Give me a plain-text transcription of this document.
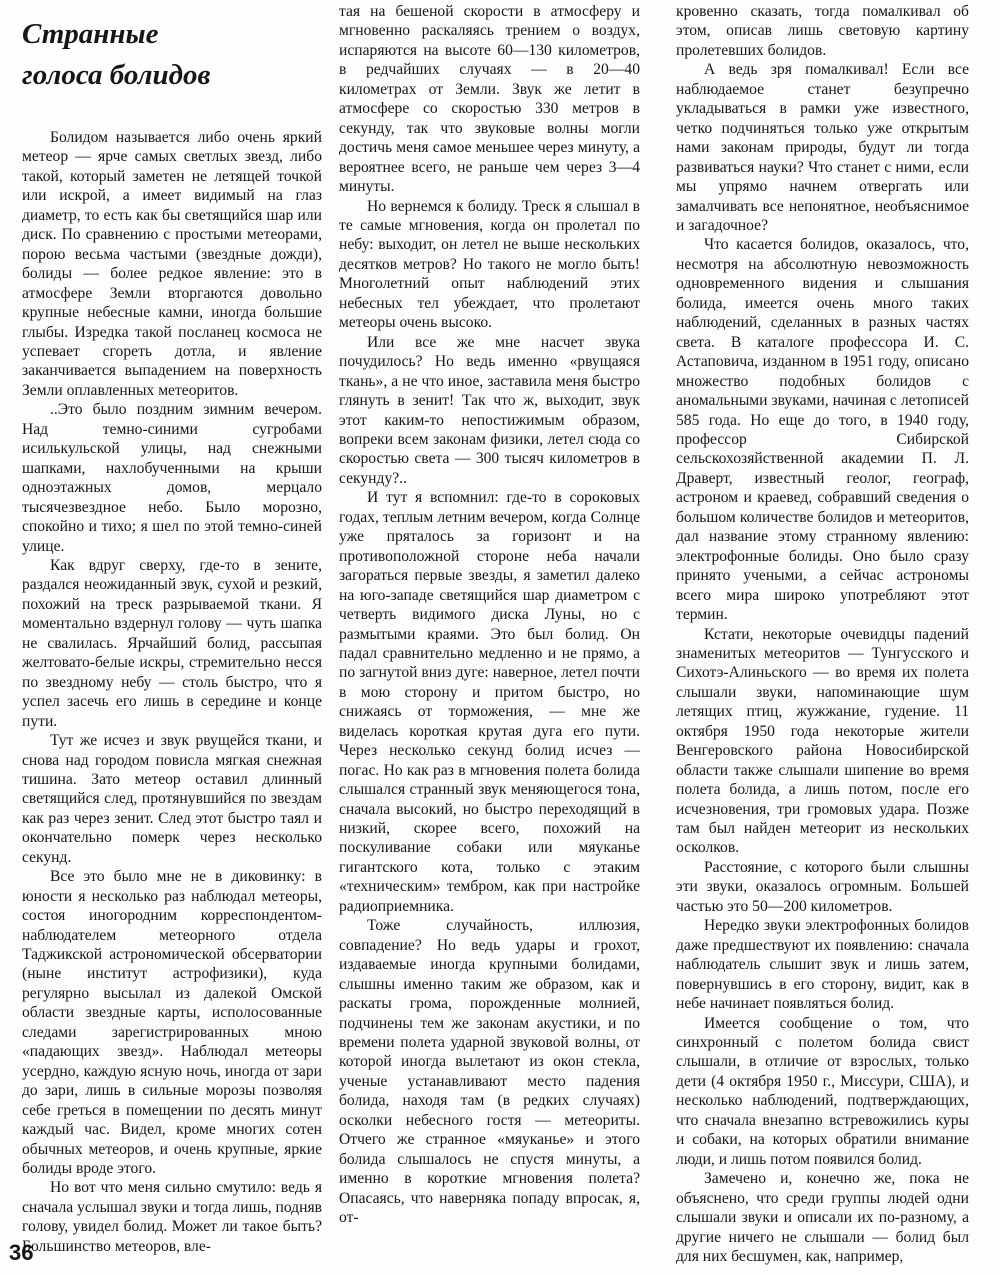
Странные
голоса болидов

Болидом называется либо очень яркий метеор — ярче самых светлых звезд, либо такой, который заметен не летящей точкой или искрой, а имеет видимый на глаз диаметр, то есть как бы светящийся шар или диск. По сравнению с простыми метеорами, порою весьма частыми (звездные дожди), болиды — более редкое явление: это в атмосфере Земли вторгаются довольно крупные небесные камни, иногда большие глыбы. Изредка такой посланец космоса не успевает сгореть дотла, и явление заканчивается выпадением на поверхность Земли оплавленных метеоритов.

..Это было поздним зимним вечером. Над темно-синими сугробами исилькульской улицы, над снежными шапками, нахлобученными на крыши одноэтажных домов, мерцало тысячезвездное небо. Было морозно, спокойно и тихо; я шел по этой темно-синей улице.

Как вдруг сверху, где-то в зените, раздался неожиданный звук, сухой и резкий, похожий на треск разрываемой ткани. Я моментально вздернул голову — чуть шапка не свалилась. Ярчайший болид, рассыпая желтовато-белые искры, стремительно несся по звездному небу — столь быстро, что я успел засечь его лишь в середине и конце пути.

Тут же исчез и звук рвущейся ткани, и снова над городом повисла мягкая снежная тишина. Зато метеор оставил длинный светящийся след, протянувшийся по звездам как раз через зенит. След этот быстро таял и окончательно померк через несколько секунд.

Все это было мне не в диковинку: в юности я несколько раз наблюдал метеоры, состоя иногородним корреспондентом-наблюдателем метеорного отдела Таджикской астрономической обсерватории (ныне институт астрофизики), куда регулярно высылал из далекой Омской области звездные карты, исполосованные следами зарегистрированных мною «падающих звезд». Наблюдал метеоры усердно, каждую ясную ночь, иногда от зари до зари, лишь в сильные морозы позволяя себе греться в помещении по десять минут каждый час. Видел, кроме многих сотен обычных метеоров, и очень крупные, яркие болиды вроде этого.

Но вот что меня сильно смутило: ведь я сначала услышал звуки и тогда лишь, подняв голову, увидел болид. Может ли такое быть? Большинство метеоров, вле-

тая на бешеной скорости в атмосферу и мгновенно раскаляясь трением о воздух, испаряются на высоте 60—130 километров, в редчайших случаях — в 20—40 километрах от Земли. Звук же летит в атмосфере со скоростью 330 метров в секунду, так что звуковые волны могли достичь меня самое меньшее через минуту, а вероятнее всего, не раньше чем через 3—4 минуты.

Но вернемся к болиду. Треск я слышал в те самые мгновения, когда он пролетал по небу: выходит, он летел не выше нескольких десятков метров? Но такого не могло быть! Многолетний опыт наблюдений этих небесных тел убеждает, что пролетают метеоры очень высоко.

Или все же мне насчет звука почудилось? Но ведь именно «рвущаяся ткань», а не что иное, заставила меня быстро глянуть в зенит! Так что ж, выходит, звук этот каким-то непостижимым образом, вопреки всем законам физики, летел сюда со скоростью света — 300 тысяч километров в секунду?..

И тут я вспомнил: где-то в сороковых годах, теплым летним вечером, когда Солнце уже пряталось за горизонт и на противоположной стороне неба начали загораться первые звезды, я заметил далеко на юго-западе светящийся шар диаметром с четверть видимого диска Луны, но с размытыми краями. Это был болид. Он падал сравнительно медленно и не прямо, а по загнутой вниз дуге: наверное, летел почти в мою сторону и притом быстро, но снижаясь от торможения, — мне же виделась короткая крутая дуга его пути. Через несколько секунд болид исчез — погас. Но как раз в мгновения полета болида слышался странный звук меняющегося тона, сначала высокий, но быстро переходящий в низкий, скорее всего, похожий на поскуливание собаки или мяуканье гигантского кота, только с этаким «техническим» тембром, как при настройке радиоприемника.

Тоже случайность, иллюзия, совпадение? Но ведь удары и грохот, издаваемые иногда крупными болидами, слышны именно таким же образом, как и раскаты грома, порожденные молнией, подчинены тем же законам акустики, и по времени полета ударной звуковой волны, от которой иногда вылетают из окон стекла, ученые устанавливают место падения болида, находя там (в редких случаях) осколки небесного гостя — метеориты. Отчего же странное «мяуканье» и этого болида слышалось не спустя минуты, а именно в короткие мгновения полета? Опасаясь, что наверняка попаду впросак, я, от-

кровенно сказать, тогда помалкивал об этом, описав лишь световую картину пролетевших болидов.

А ведь зря помалкивал! Если все наблюдаемое станет безупречно укладываться в рамки уже известного, четко подчиняться только уже открытым нами законам природы, будут ли тогда развиваться науки? Что станет с ними, если мы упрямо начнем отвергать или замалчивать все непонятное, необъяснимое и загадочное?

Что касается болидов, оказалось, что, несмотря на абсолютную невозможность одновременного видения и слышания болида, имеется очень много таких наблюдений, сделанных в разных частях света. В каталоге профессора И. С. Астаповича, изданном в 1951 году, описано множество подобных болидов с аномальными звуками, начиная с летописей 585 года. Но еще до того, в 1940 году, профессор Сибирской сельскохозяйственной академии П. Л. Драверт, известный геолог, географ, астроном и краевед, собравший сведения о большом количестве болидов и метеоритов, дал название этому странному явлению: электрофонные болиды. Оно было сразу принято учеными, а сейчас астрономы всего мира широко употребляют этот термин.

Кстати, некоторые очевидцы падений знаменитых метеоритов — Тунгусского и Сихотэ-Алиньского — во время их полета слышали звуки, напоминающие шум летящих птиц, жужжание, гудение. 11 октября 1950 года некоторые жители Венгеровского района Новосибирской области также слышали шипение во время полета болида, а лишь потом, после его исчезновения, три громовых удара. Позже там был найден метеорит из нескольких осколков.

Расстояние, с которого были слышны эти звуки, оказалось огромным. Большей частью это 50—200 километров.

Нередко звуки электрофонных болидов даже предшествуют их появлению: сначала наблюдатель слышит звук и лишь затем, повернувшись в его сторону, видит, как в небе начинает появляться болид.

Имеется сообщение о том, что синхронный с полетом болида свист слышали, в отличие от взрослых, только дети (4 октября 1950 г., Миссури, США), и несколько наблюдений, подтверждающих, что сначала внезапно встревожились куры и собаки, на которых обратили внимание люди, и лишь потом появился болид.

Замечено и, конечно же, пока не объяснено, что среди группы людей одни слышали звуки и описали их по-разному, а другие ничего не слышали — болид был для них бесшумен, как, например,

36
